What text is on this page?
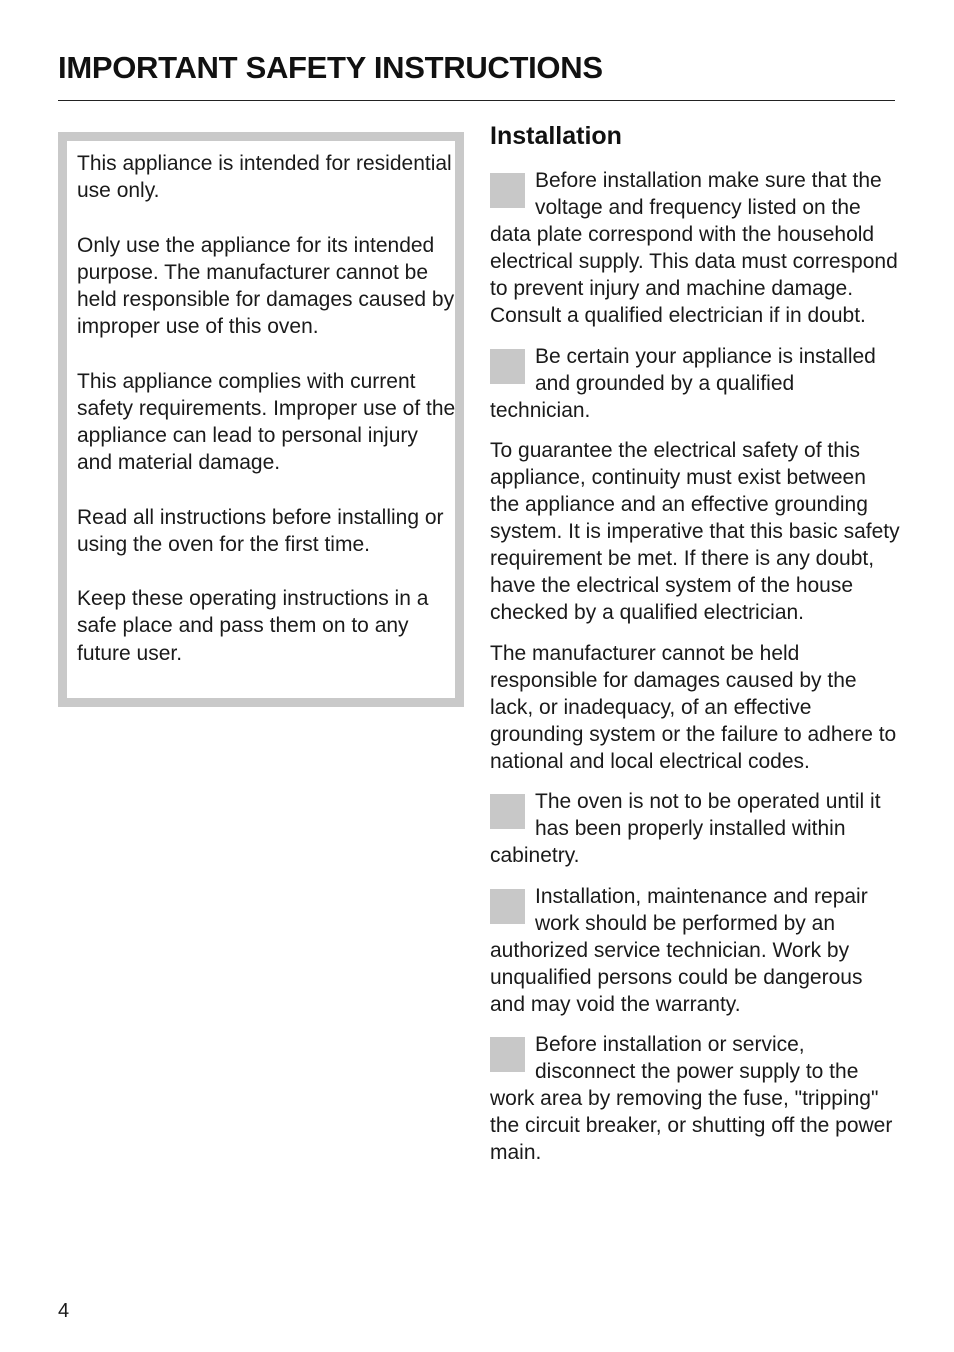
IMPORTANT SAFETY INSTRUCTIONS

This appliance is intended for residential use only.

Only use the appliance for its intended purpose. The manufacturer cannot be held responsible for damages caused by improper use of this oven.

This appliance complies with current safety requirements. Improper use of the appliance can lead to personal injury and material damage.

Read all instructions before installing or using the oven for the first time.

Keep these operating instructions in a safe place and pass them on to any future user.

Installation

Before installation make sure that the voltage and frequency listed on the data plate correspond with the household electrical supply. This data must correspond to prevent injury and machine damage. Consult a qualified electrician if in doubt.

Be certain your appliance is installed and grounded by a qualified technician.

To guarantee the electrical safety of this appliance, continuity must exist between the appliance and an effective grounding system. It is imperative that this basic safety requirement be met. If there is any doubt, have the electrical system of the house checked by a qualified electrician.

The manufacturer cannot be held responsible for damages caused by the lack, or inadequacy, of an effective grounding system or the failure to adhere to national and local electrical codes.

The oven is not to be operated until it has been properly installed within cabinetry.

Installation, maintenance and repair work should be performed by an authorized service technician. Work by unqualified persons could be dangerous and may void the warranty.

Before installation or service, disconnect the power supply to the work area by removing the fuse, "tripping" the circuit breaker, or shutting off the power main.

4
